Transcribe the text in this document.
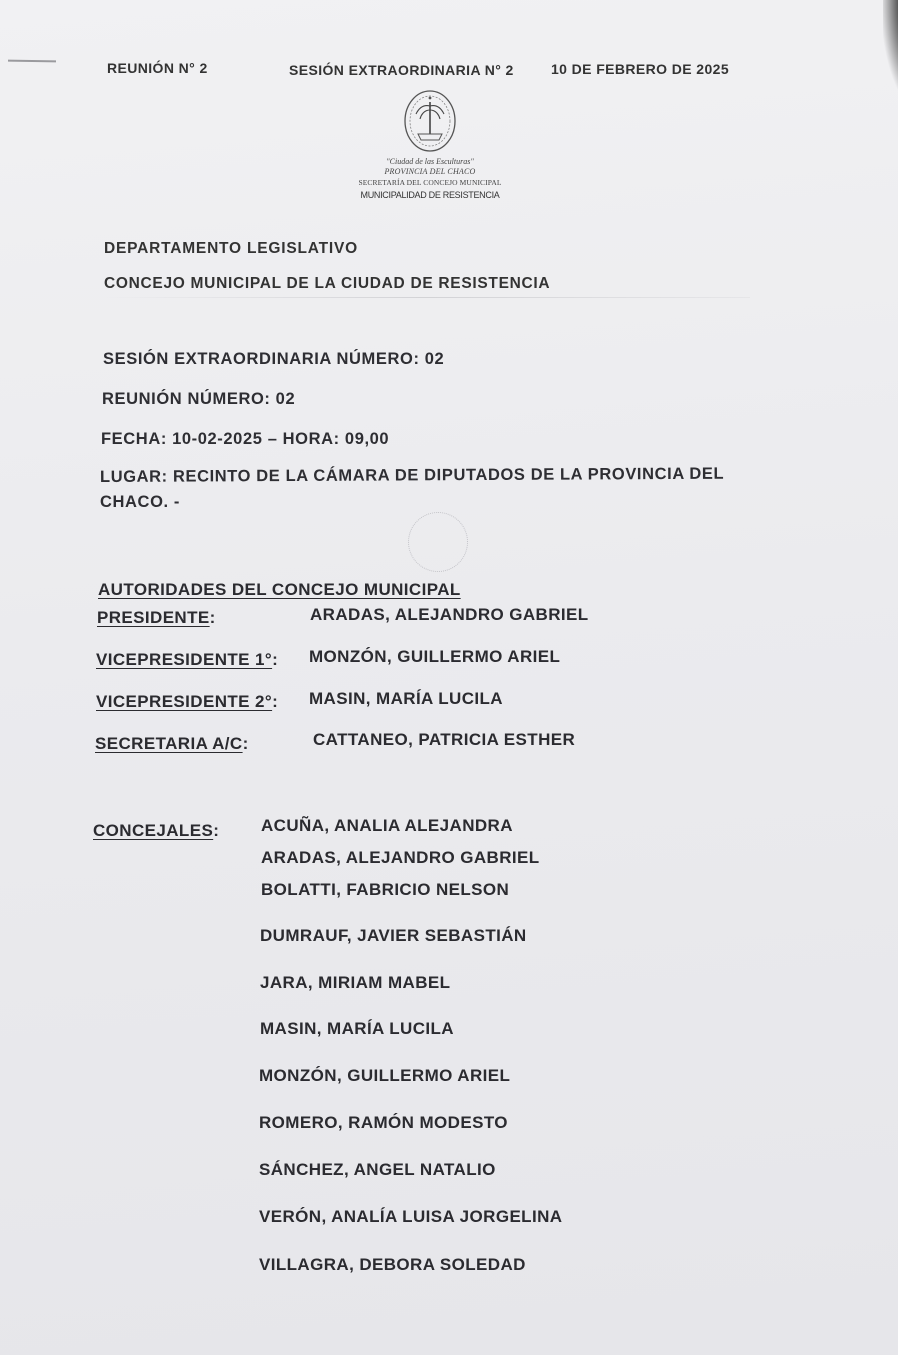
REUNIÓN N° 2	SESIÓN EXTRAORDINARIA N° 2	10 DE FEBRERO DE 2025
"Ciudad de las Esculturas"
PROVINCIA DEL CHACO
SECRETARÍA DEL CONCEJO MUNICIPAL
MUNICIPALIDAD DE RESISTENCIA
DEPARTAMENTO LEGISLATIVO
CONCEJO MUNICIPAL DE LA CIUDAD DE RESISTENCIA
SESIÓN EXTRAORDINARIA NÚMERO: 02
REUNIÓN NÚMERO: 02
FECHA: 10-02-2025 – HORA: 09,00
LUGAR: RECINTO DE LA CÁMARA DE DIPUTADOS DE LA PROVINCIA DEL
CHACO. -
AUTORIDADES DEL CONCEJO MUNICIPAL
PRESIDENTE:	ARADAS, ALEJANDRO GABRIEL
VICEPRESIDENTE 1°: MONZÓN, GUILLERMO ARIEL
VICEPRESIDENTE 2°: MASIN, MARÍA LUCILA
SECRETARIA A/C:	CATTANEO, PATRICIA ESTHER
CONCEJALES: ACUÑA, ANALIA ALEJANDRA
ARADAS, ALEJANDRO GABRIEL
BOLATTI, FABRICIO NELSON
DUMRAUF, JAVIER SEBASTIÁN
JARA, MIRIAM MABEL
MASIN, MARÍA LUCILA
MONZÓN, GUILLERMO ARIEL
ROMERO, RAMÓN MODESTO
SÁNCHEZ, ANGEL NATALIO
VERÓN, ANALÍA LUISA JORGELINA
VILLAGRA, DEBORA SOLEDAD
